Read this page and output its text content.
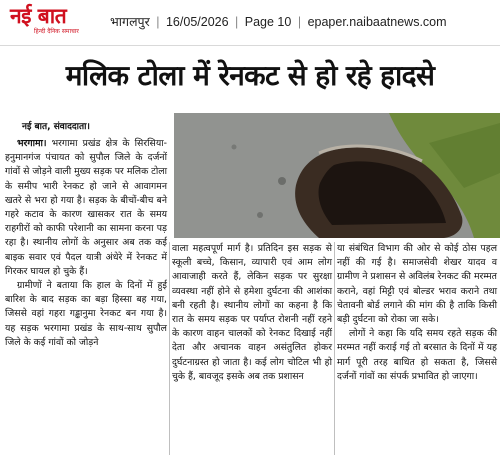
नई बात
हिन्दी दैनिक समाचार
भागलपुर | 16/05/2026 | Page 10 | epaper.naibaatnews.com
मलिक टोला में रेनकट से हो रहे हादसे
नई बात, संवाददाता।

भरगामा। भरगामा प्रखंड क्षेत्र के सिरसिया-हनुमानगंज पंचायत को सुपौल जिले के दर्जनों गांवों से जोड़ने वाली मुख्य सड़क पर मलिक टोला के समीप भारी रेनकट हो जाने से आवागमन खतरे से भरा हो गया है। सड़क के बीचों-बीच बने गहरे कटाव के कारण खासकर रात के समय राहगीरों को काफी परेशानी का सामना करना पड़ रहा है। स्थानीय लोगों के अनुसार अब तक कई बाइक सवार एवं पैदल यात्री अंधेरे में रेनकट में गिरकर घायल हो चुके हैं।

ग्रामीणों ने बताया कि हाल के दिनों में हुई बारिश के बाद सड़क का बड़ा हिस्सा बह गया, जिससे वहां गहरा गड्ढानुमा रेनकट बन गया है। यह सड़क भरगामा प्रखंड के साथ-साथ सुपौल जिले के कई गांवों को जोड़ने

वाला महत्वपूर्ण मार्ग है। प्रतिदिन इस सड़क से स्कूली बच्चे, किसान, व्यापारी एवं आम लोग आवाजाही करते हैं, लेकिन सड़क पर सुरक्षा व्यवस्था नहीं होने से हमेशा दुर्घटना की आशंका बनी रहती है। स्थानीय लोगों का कहना है कि रात के समय सड़क पर पर्याप्त रोशनी नहीं रहने के कारण वाहन चालकों को रेनकट दिखाई नहीं देता और अचानक वाहन असंतुलित होकर दुर्घटनाग्रस्त हो जाता है। कई लोग चोटिल भी हो चुके हैं, बावजूद इसके अब तक प्रशासन

या संबंधित विभाग की ओर से कोई ठोस पहल नहीं की गई है। समाजसेवी शेखर यादव व ग्रामीण ने प्रशासन से अविलंब रेनकट की मरम्मत कराने, वहां मिट्टी एवं बोल्डर भराव कराने तथा चेतावनी बोर्ड लगाने की मांग की है ताकि किसी बड़ी दुर्घटना को रोका जा सके।

लोगों ने कहा कि यदि समय रहते सड़क की मरम्मत नहीं कराई गई तो बरसात के दिनों में यह मार्ग पूरी तरह बाधित हो सकता है, जिससे दर्जनों गांवों का संपर्क प्रभावित हो जाएगा।
